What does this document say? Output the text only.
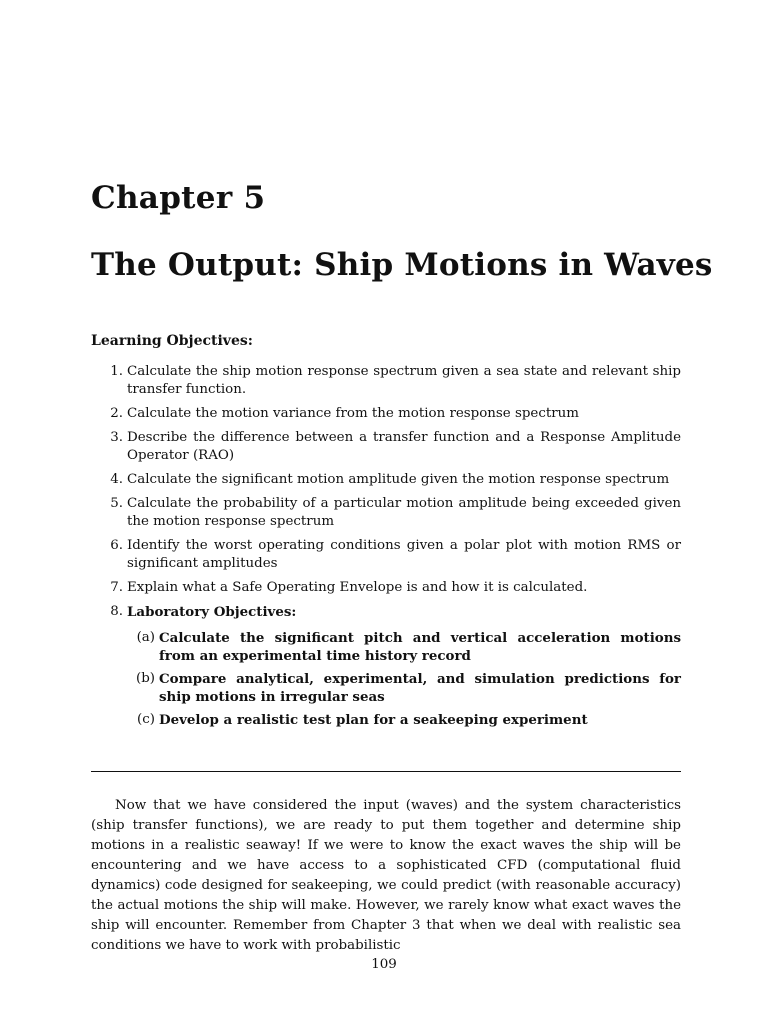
Chapter 5
The Output: Ship Motions in Waves
Learning Objectives:
1. Calculate the ship motion response spectrum given a sea state and relevant ship transfer function.
2. Calculate the motion variance from the motion response spectrum
3. Describe the difference between a transfer function and a Response Amplitude Operator (RAO)
4. Calculate the significant motion amplitude given the motion response spectrum
5. Calculate the probability of a particular motion amplitude being exceeded given the motion response spectrum
6. Identify the worst operating conditions given a polar plot with motion RMS or significant amplitudes
7. Explain what a Safe Operating Envelope is and how it is calculated.
8. Laboratory Objectives:
(a) Calculate the significant pitch and vertical acceleration motions from an experimental time history record
(b) Compare analytical, experimental, and simulation predictions for ship motions in irregular seas
(c) Develop a realistic test plan for a seakeeping experiment

Now that we have considered the input (waves) and the system characteristics (ship transfer functions), we are ready to put them together and determine ship motions in a realistic seaway! If we were to know the exact waves the ship will be encountering and we have access to a sophisticated CFD (computational fluid dynamics) code designed for seakeeping, we could predict (with reasonable accuracy) the actual motions the ship will make. However, we rarely know what exact waves the ship will encounter. Remember from Chapter 3 that when we deal with realistic sea conditions we have to work with probabilistic

109
